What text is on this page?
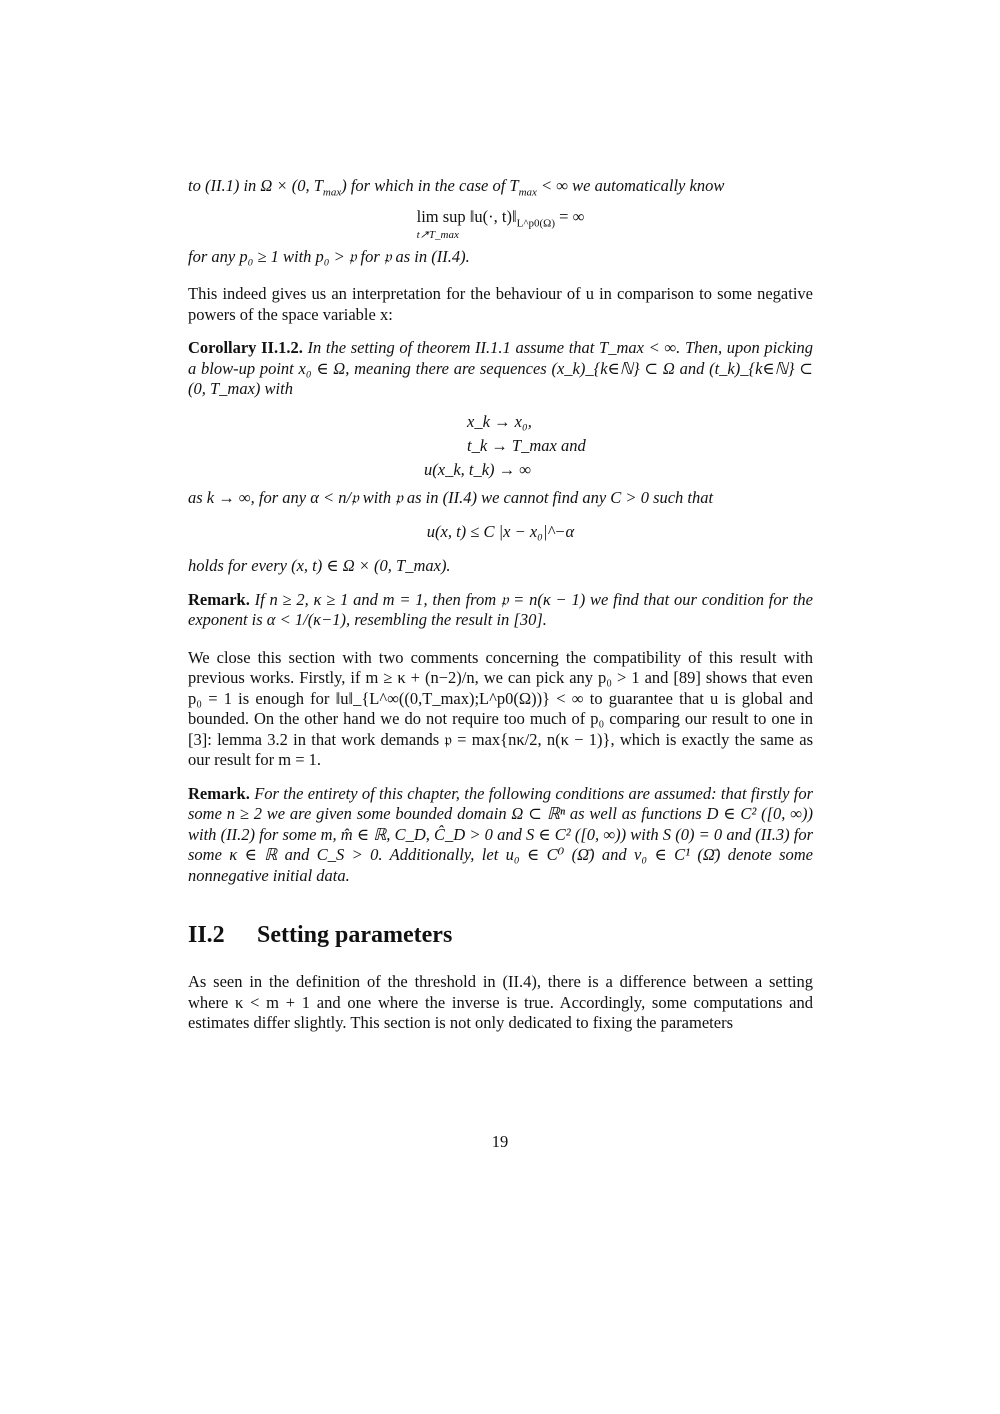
to (II.1) in Ω × (0, $T_{max}$) for which in the case of $T_{max}$ < ∞ we automatically know

lim sup ‖u(·, $t)‖_{L\^{}p0(\Omega)}$ = ∞
t↗T_max

for any p₀ ≥ 1 with p₀ > 𝔭 for 𝔭 as in (II.4).

This indeed gives us an interpretation for the behaviour of u in comparison to some negative powers of the space variable x:

Corollary II.1.2. In the setting of theorem II.1.1 assume that T_max < ∞. Then, upon picking a blow-up point x₀ ∈ Ω, meaning there are sequences (x_k)_{k∈ℕ} ⊂ Ω and (t_k)_{k∈ℕ} ⊂ (0, T_max) with

x_k → x₀,
t_k → T_max and
u(x_k, t_k) → ∞

as k → ∞, for any α < n/𝔭 with 𝔭 as in (II.4) we cannot find any C > 0 such that

u(x, t) ≤ C |x − x₀|^−α

holds for every (x, t) ∈ Ω × (0, T_max).

Remark. If n ≥ 2, κ ≥ 1 and m = 1, then from 𝔭 = n(κ − 1) we find that our condition for the exponent is α < 1/(κ−1), resembling the result in [30].

We close this section with two comments concerning the compatibility of this result with previous works. Firstly, if m ≥ κ + (n−2)/n, we can pick any p₀ > 1 and [89] shows that even p₀ = 1 is enough for ‖u‖_{L^∞((0,T_max);L^p0(Ω))} < ∞ to guarantee that u is global and bounded. On the other hand we do not require too much of p₀ comparing our result to one in [3]: lemma 3.2 in that work demands 𝔭 = max{nκ/2, n(κ − 1)}, which is exactly the same as our result for m = 1.

Remark. For the entirety of this chapter, the following conditions are assumed: that firstly for some n ≥ 2 we are given some bounded domain Ω ⊂ ℝⁿ as well as functions D ∈ C² ([0, ∞)) with (II.2) for some m, m̂ ∈ ℝ, C_D, Ĉ_D > 0 and S ∈ C² ([0, ∞)) with S (0) = 0 and (II.3) for some κ ∈ ℝ and C_S > 0. Additionally, let u₀ ∈ C⁰ (Ω̄) and v₀ ∈ C¹ (Ω̄) denote some nonnegative initial data.

II.2 Setting parameters

As seen in the definition of the threshold in (II.4), there is a difference between a setting where κ < m + 1 and one where the inverse is true. Accordingly, some computations and estimates differ slightly. This section is not only dedicated to fixing the parameters

19
